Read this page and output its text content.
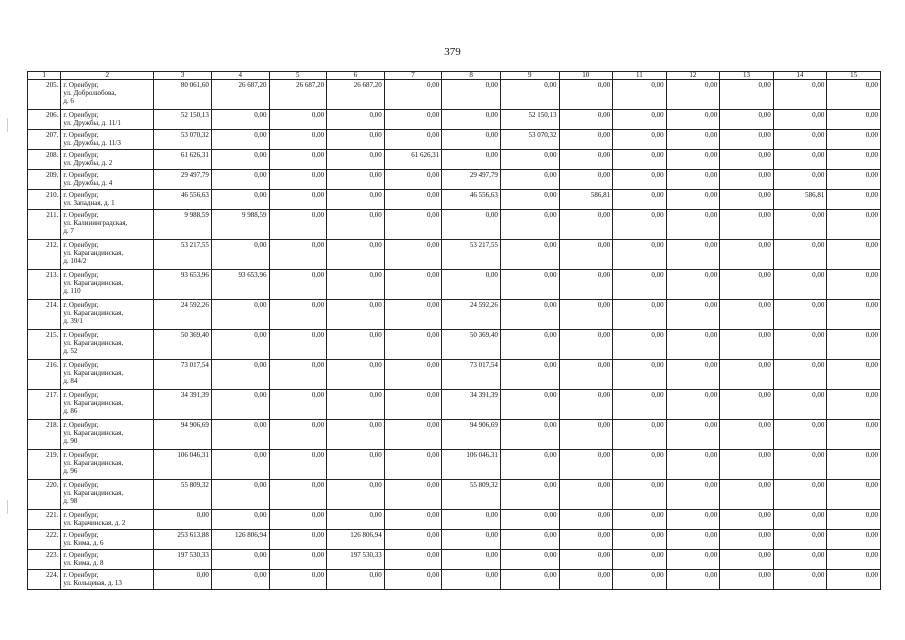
379
1	2	3	4	5	6	7	8	9	10	11	12	13	14	15
205.	г. Оренбург,
ул. Добролюбова,
д. 6	80 061,60	26 687,20	26 687,20	26 687,20	0,00	0,00	0,00	0,00	0,00	0,00	0,00	0,00	0,00
206.	г. Оренбург,
ул. Дружбы, д. 11/1	52 150,13	0,00	0,00	0,00	0,00	0,00	52 150,13	0,00	0,00	0,00	0,00	0,00	0,00
207.	г. Оренбург,
ул. Дружбы, д. 11/3	53 070,32	0,00	0,00	0,00	0,00	0,00	53 070,32	0,00	0,00	0,00	0,00	0,00	0,00
208.	г. Оренбург,
ул. Дружбы, д. 2	61 626,31	0,00	0,00	0,00	61 626,31	0,00	0,00	0,00	0,00	0,00	0,00	0,00	0,00
209.	г. Оренбург,
ул. Дружбы, д. 4	29 497,79	0,00	0,00	0,00	0,00	29 497,79	0,00	0,00	0,00	0,00	0,00	0,00	0,00
210.	г. Оренбург,
ул. Западная, д. 1	46 556,63	0,00	0,00	0,00	0,00	46 556,63	0,00	586,81	0,00	0,00	0,00	586,81	0,00
211.	г. Оренбург,
ул. Калининградская,
д. 7	9 988,59	9 988,59	0,00	0,00	0,00	0,00	0,00	0,00	0,00	0,00	0,00	0,00	0,00
212.	г. Оренбург,
ул. Карагандинская,
д. 104/2	53 217,55	0,00	0,00	0,00	0,00	53 217,55	0,00	0,00	0,00	0,00	0,00	0,00	0,00
213.	г. Оренбург,
ул. Карагандинская,
д. 110	93 653,96	93 653,96	0,00	0,00	0,00	0,00	0,00	0,00	0,00	0,00	0,00	0,00	0,00
214.	г. Оренбург,
ул. Карагандинская,
д. 39/1	24 592,26	0,00	0,00	0,00	0,00	24 592,26	0,00	0,00	0,00	0,00	0,00	0,00	0,00
215.	г. Оренбург,
ул. Карагандинская,
д. 52	50 369,40	0,00	0,00	0,00	0,00	50 369,40	0,00	0,00	0,00	0,00	0,00	0,00	0,00
216.	г. Оренбург,
ул. Карагандинская,
д. 84	73 017,54	0,00	0,00	0,00	0,00	73 017,54	0,00	0,00	0,00	0,00	0,00	0,00	0,00
217.	г. Оренбург,
ул. Карагандинская,
д. 86	34 391,39	0,00	0,00	0,00	0,00	34 391,39	0,00	0,00	0,00	0,00	0,00	0,00	0,00
218.	г. Оренбург,
ул. Карагандинская,
д. 90	94 906,69	0,00	0,00	0,00	0,00	94 906,69	0,00	0,00	0,00	0,00	0,00	0,00	0,00
219.	г. Оренбург,
ул. Карагандинская,
д. 96	106 046,31	0,00	0,00	0,00	0,00	106 046,31	0,00	0,00	0,00	0,00	0,00	0,00	0,00
220.	г. Оренбург,
ул. Карагандинская,
д. 98	55 809,32	0,00	0,00	0,00	0,00	55 809,32	0,00	0,00	0,00	0,00	0,00	0,00	0,00
221.	г. Оренбург,
ул. Карачинская, д. 2	0,00	0,00	0,00	0,00	0,00	0,00	0,00	0,00	0,00	0,00	0,00	0,00	0,00
222.	г. Оренбург,
ул. Кима, д. 6	253 613,88	126 806,94	0,00	126 806,94	0,00	0,00	0,00	0,00	0,00	0,00	0,00	0,00	0,00
223.	г. Оренбург,
ул. Кима, д. 8	197 530,33	0,00	0,00	197 530,33	0,00	0,00	0,00	0,00	0,00	0,00	0,00	0,00	0,00
224.	г. Оренбург,
ул. Кольцевая, д. 13	0,00	0,00	0,00	0,00	0,00	0,00	0,00	0,00	0,00	0,00	0,00	0,00	0,00
